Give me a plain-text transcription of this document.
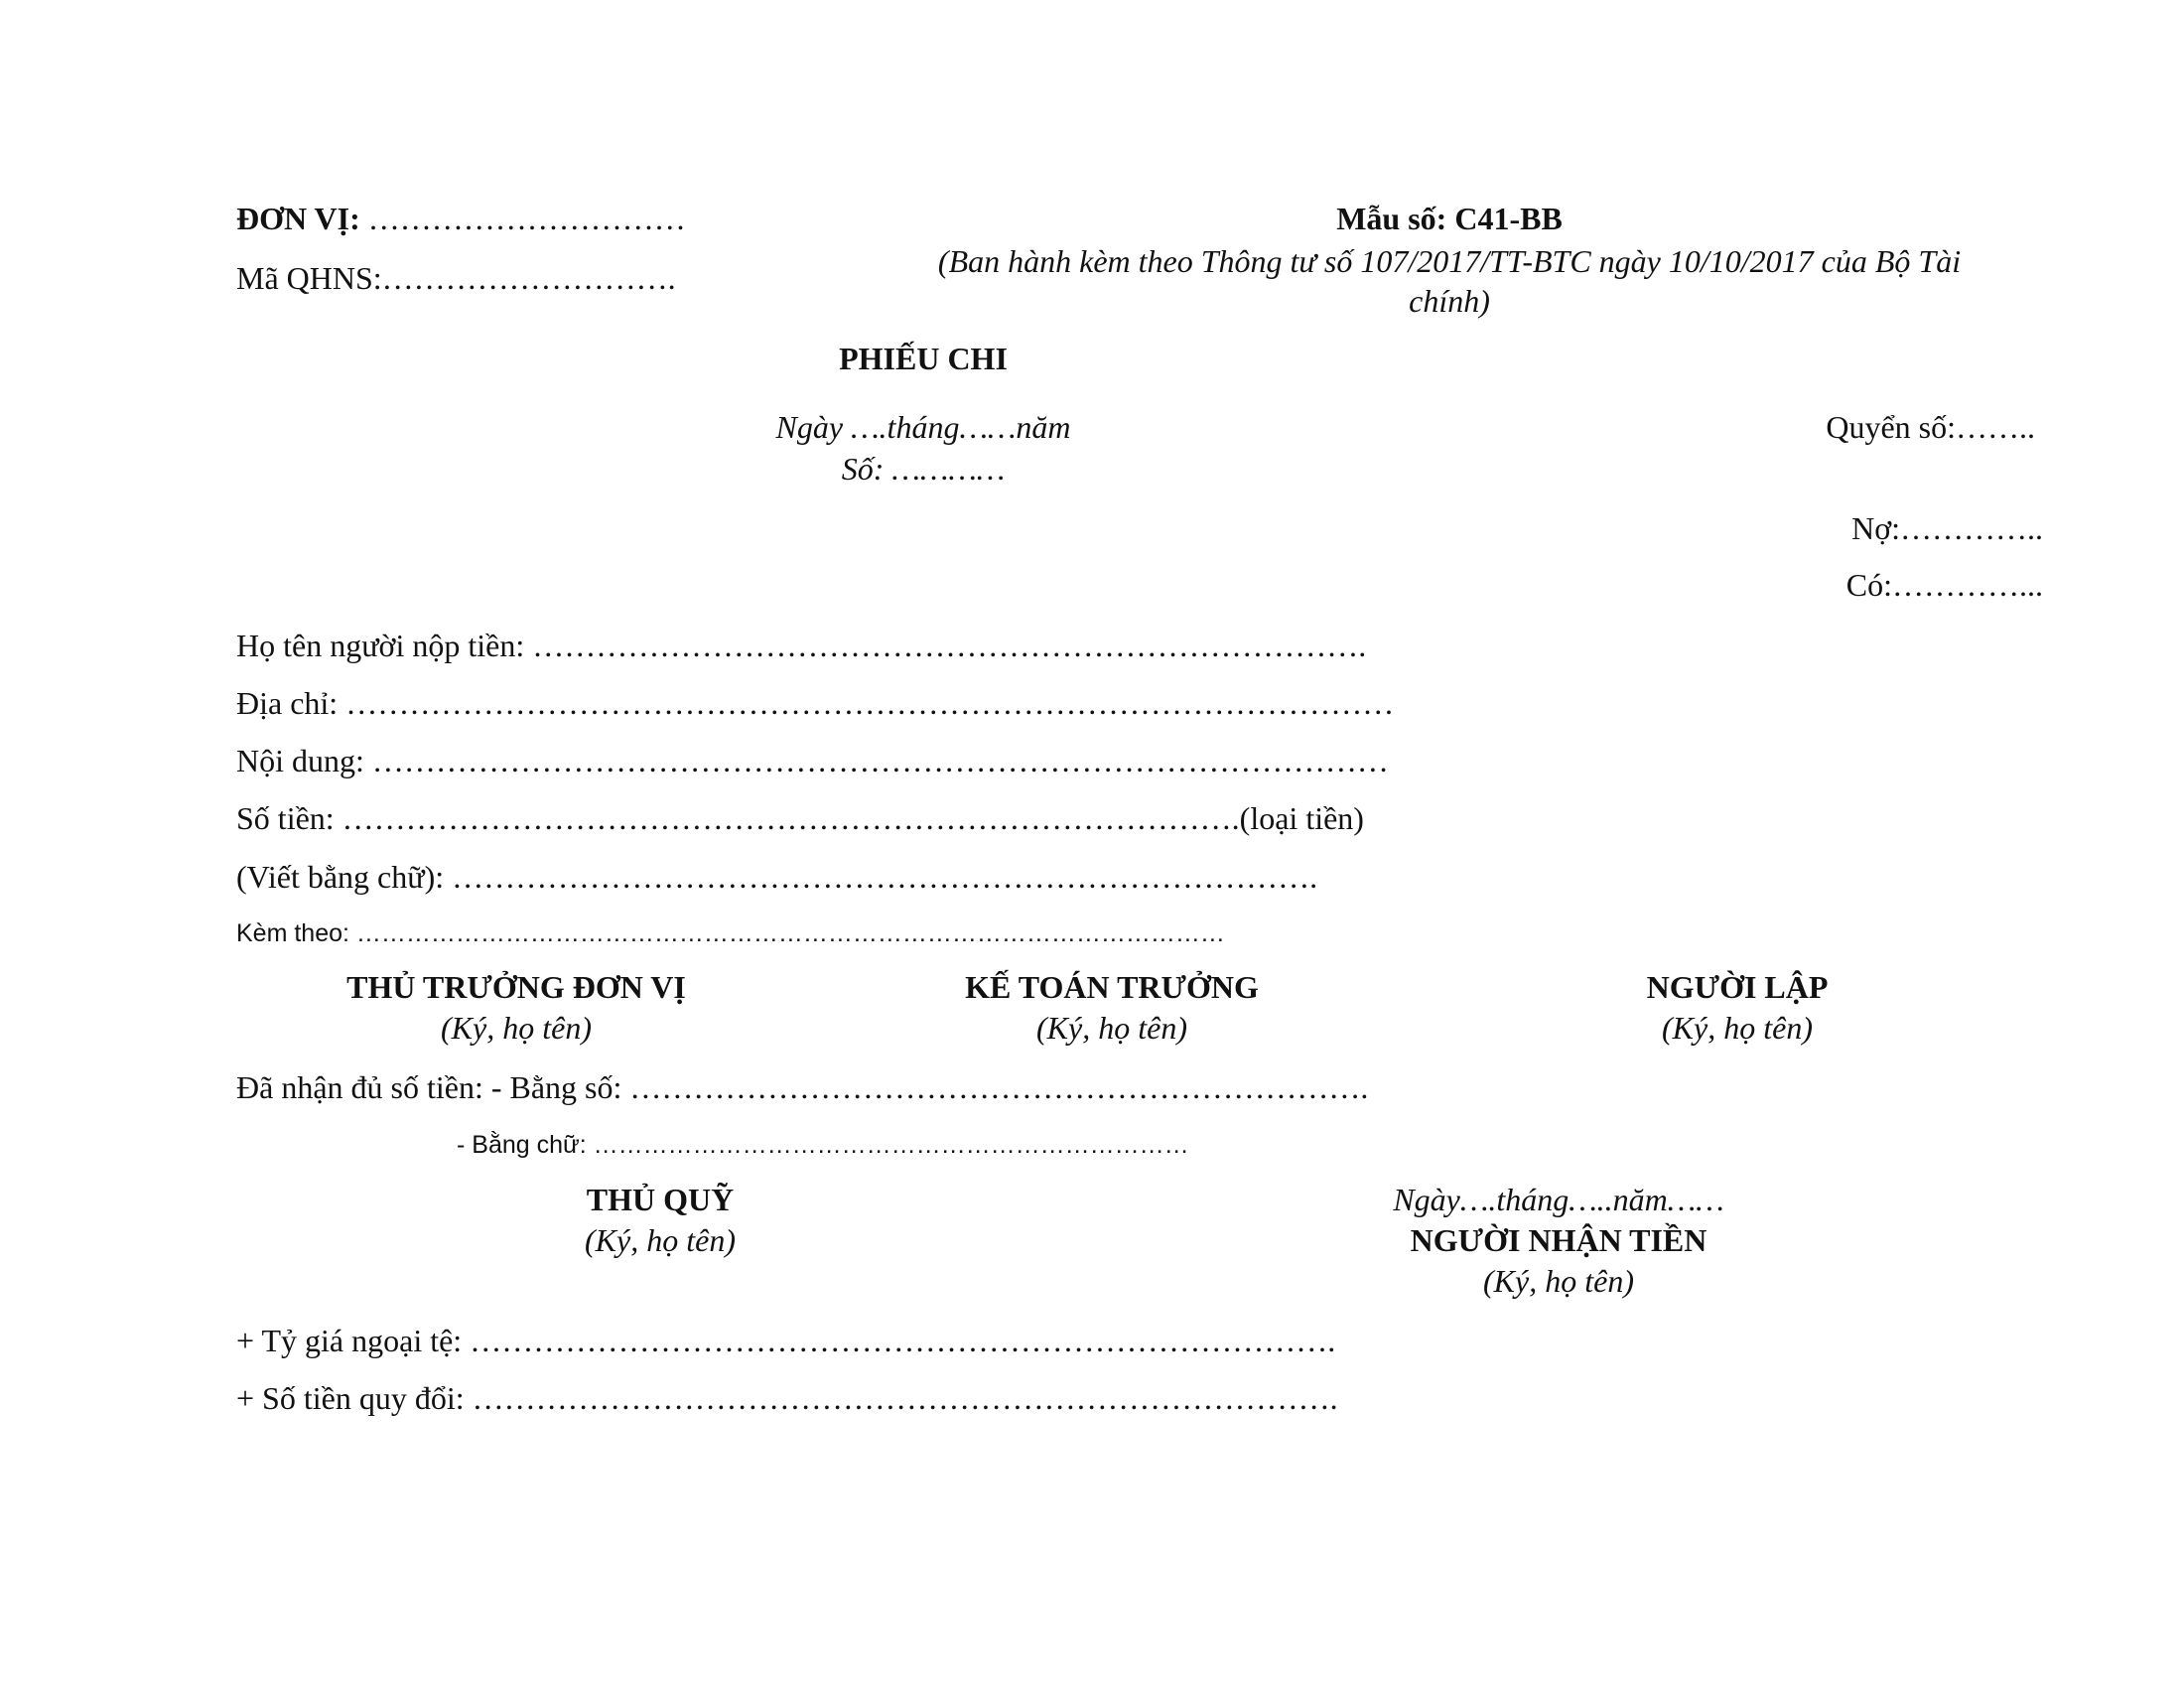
ĐƠN VỊ: …………………………
Mã QHNS:……………………….
Mẫu số: C41-BB
(Ban hành kèm theo Thông tư số 107/2017/TT-BTC ngày 10/10/2017 của Bộ Tài
chính)
PHIẾU CHI
Ngày ….tháng……năm
Số: …………
Quyển số:……..
Nợ:…………..
Có:…………...
Họ tên người nộp tiền: …………………………………………………………………….
Địa chỉ: ………………………………………………………………………………………
Nội dung: ……………………………………………………………………………………
Số tiền: ………………………………………………………………………….(loại tiền)
(Viết bằng chữ): ……………………………………………………………………….
Kèm theo: ……………………………………………………………………………………………
THỦ TRƯỞNG ĐƠN VỊ
(Ký, họ tên)
KẾ TOÁN TRƯỞNG
(Ký, họ tên)
NGƯỜI LẬP
(Ký, họ tên)
Đã nhận đủ số tiền: - Bằng số: …………………………………………………………….
- Bằng chữ: ………………………………………………………………
THỦ QUỸ
(Ký, họ tên)
Ngày….tháng…..năm……
NGƯỜI NHẬN TIỀN
(Ký, họ tên)
+ Tỷ giá ngoại tệ: ……………………………………………………………………….
+ Số tiền quy đổi: ……………………………………………………………………….
